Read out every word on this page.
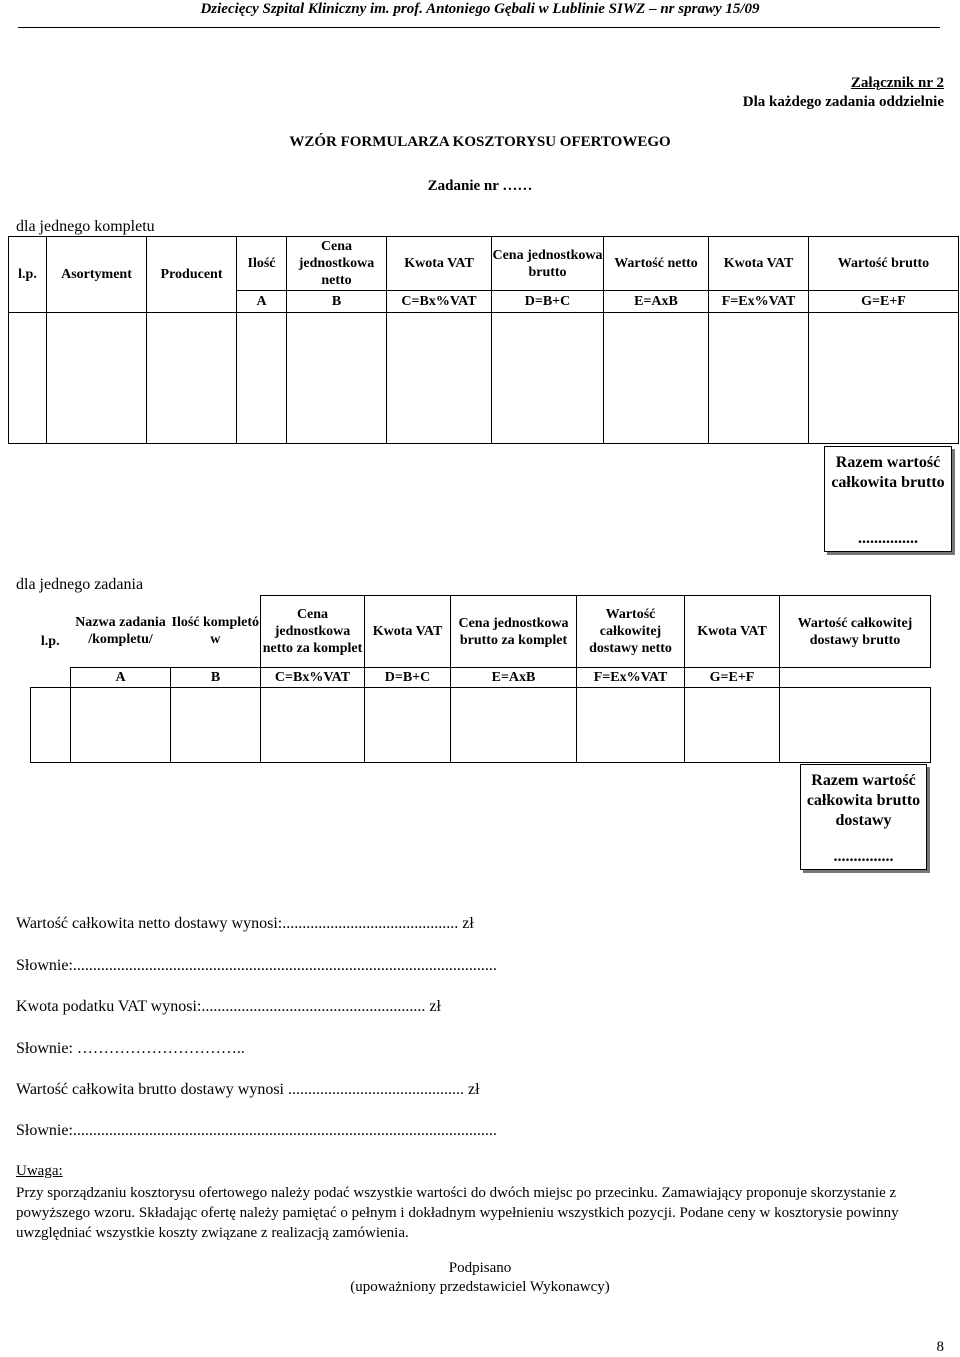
Dziecięcy Szpital Kliniczny im. prof. Antoniego Gębali w Lublinie SIWZ – nr sprawy 15/09
Załącznik nr 2
Dla każdego zadania oddzielnie
WZÓR FORMULARZA KOSZTORYSU OFERTOWEGO
Zadanie nr ……
dla jednego kompletu
l.p.	Asortyment	Producent	Ilość	Cena jednostkowa netto	Kwota VAT	Cena jednostkowa brutto	Wartość netto	Kwota VAT	Wartość brutto
			A	B	C=Bx%VAT	D=B+C	E=AxB	F=Ex%VAT	G=E+F

Razem wartość całkowita brutto
...............
dla jednego zadania
l.p.	Nazwa zadania /kompletu/	Ilość kompletó w	Cena jednostkowa netto za komplet	Kwota VAT	Cena jednostkowa brutto za komplet	Wartość całkowitej dostawy netto	Kwota VAT	Wartość całkowitej dostawy brutto
	A	B	C=Bx%VAT	D=B+C	E=AxB	F=Ex%VAT	G=E+F	

Razem wartość całkowita brutto dostawy
...............
Wartość całkowita netto dostawy wynosi:............................................ zł
Słownie:..........................................................................................................
Kwota podatku VAT wynosi:........................................................ zł
Słownie: …………………………..
Wartość całkowita brutto dostawy wynosi ............................................ zł
Słownie:..........................................................................................................
Uwaga:
Przy sporządzaniu kosztorysu ofertowego należy podać wszystkie wartości do dwóch miejsc po przecinku. Zamawiający proponuje skorzystanie z powyższego wzoru. Składając ofertę należy pamiętać o pełnym i dokładnym wypełnieniu wszystkich pozycji. Podane ceny w kosztorysie powinny uwzględniać wszystkie koszty związane z realizacją zamówienia.
Podpisano
(upoważniony przedstawiciel Wykonawcy)
8
